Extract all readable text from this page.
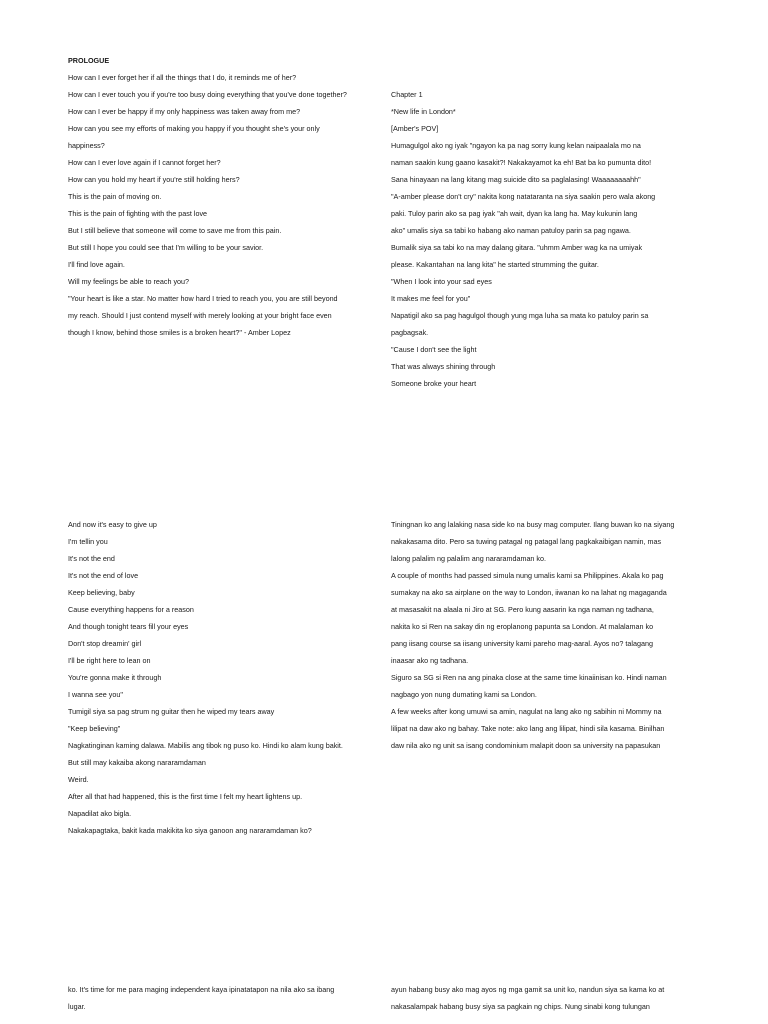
PROLOGUE

How can I ever forget her if all the things that I do, it reminds me of her?

How can I ever touch you if you're too busy doing everything that you've done together?

How can I ever be happy if my only happiness was taken away from me?

How can you see my efforts of making you happy if you thought she's your only

happiness?

How can I ever love again if I cannot forget her?

How can you hold my heart if you're still holding hers?

This is the pain of moving on.

This is the pain of fighting with the past love

But I still believe that someone will come to save me from this pain.

But still I hope you could see that I'm willing to be your savior.

I'll find love again.

Will my feelings be able to reach you?

"Your heart is like a star. No matter how hard I tried to reach you, you are still beyond

my reach. Should I just contend myself with merely looking at your bright face even

though I know, behind those smiles is a broken heart?" - Amber Lopez

Chapter 1

*New life in London*

[Amber's POV]

Humagulgol ako ng iyak "ngayon ka pa nag sorry kung kelan naipaalala mo na

naman saakin kung gaano kasakit?! Nakakayamot ka eh! Bat ba ko pumunta dito!

Sana hinayaan na lang kitang mag suicide dito sa paglalasing! Waaaaaaaahh"

"A-amber please don't cry" nakita kong natataranta na siya saakin pero wala akong

paki. Tuloy parin ako sa pag iyak "ah wait, dyan ka lang ha. May kukunin lang

ako" umalis siya sa tabi ko habang ako naman patuloy parin sa pag ngawa.

Bumalik siya sa tabi ko na may dalang gitara. "uhmm Amber wag ka na umiyak

please. Kakantahan na lang kita" he started strumming the guitar.

"When I look into your sad eyes

It makes me feel for you"

Napatigil ako sa pag hagulgol though yung mga luha sa mata ko patuloy parin sa

pagbagsak.

"Cause I don't see the light

That was always shining through

Someone broke your heart

And now it's easy to give up

I'm tellin you

It's not the end

It's not the end of love

Keep believing, baby

Cause everything happens for a reason

And though tonight tears fill your eyes

Don't stop dreamin' girl

I'll be right here to lean on

You're gonna make it through

I wanna see you"

Tumigil siya sa pag strum ng guitar then he wiped my tears away

"Keep believing"

Nagkatinginan kaming dalawa. Mabilis ang tibok ng puso ko. Hindi ko alam kung bakit.

But still may kakaiba akong nararamdaman

Weird.

After all that had happened, this is the first time I felt my heart lightens up.

Napadilat ako bigla.

Nakakapagtaka, bakit kada makikita ko siya ganoon ang nararamdaman ko?

Tiningnan ko ang lalaking nasa side ko na busy mag computer. Ilang buwan ko na siyang

nakakasama dito. Pero sa tuwing patagal ng patagal lang pagkakaibigan namin, mas

lalong palalim ng palalim ang nararamdaman ko.

A couple of months had passed simula nung umalis kami sa Philippines. Akala ko pag

sumakay na ako sa airplane on the way to London, iiwanan ko na lahat ng magaganda

at masasakit na alaala ni Jiro at SG. Pero kung aasarin ka nga naman ng tadhana,

nakita ko si Ren na sakay din ng eroplanong papunta sa London. At malalaman ko

pang iisang course sa iisang university kami pareho mag-aaral. Ayos no? talagang

inaasar ako ng tadhana.

Siguro sa SG si Ren na ang pinaka close at the same time kinaiinisan ko. Hindi naman

nagbago yon nung dumating kami sa London.

A few weeks after kong umuwi sa amin, nagulat na lang ako ng sabihin ni Mommy na

lilipat na daw ako ng bahay. Take note: ako lang ang lilipat, hindi sila kasama. Binilhan

daw nila ako ng unit sa isang condominium malapit doon sa university na papasukan

ko. It's time for me para maging independent kaya ipinatatapon na nila ako sa ibang

lugar.

ayun habang busy ako mag ayos ng mga gamit sa unit ko, nandun siya sa kama ko at

nakasalampak habang busy siya sa pagkain ng chips. Nung sinabi kong tulungan
